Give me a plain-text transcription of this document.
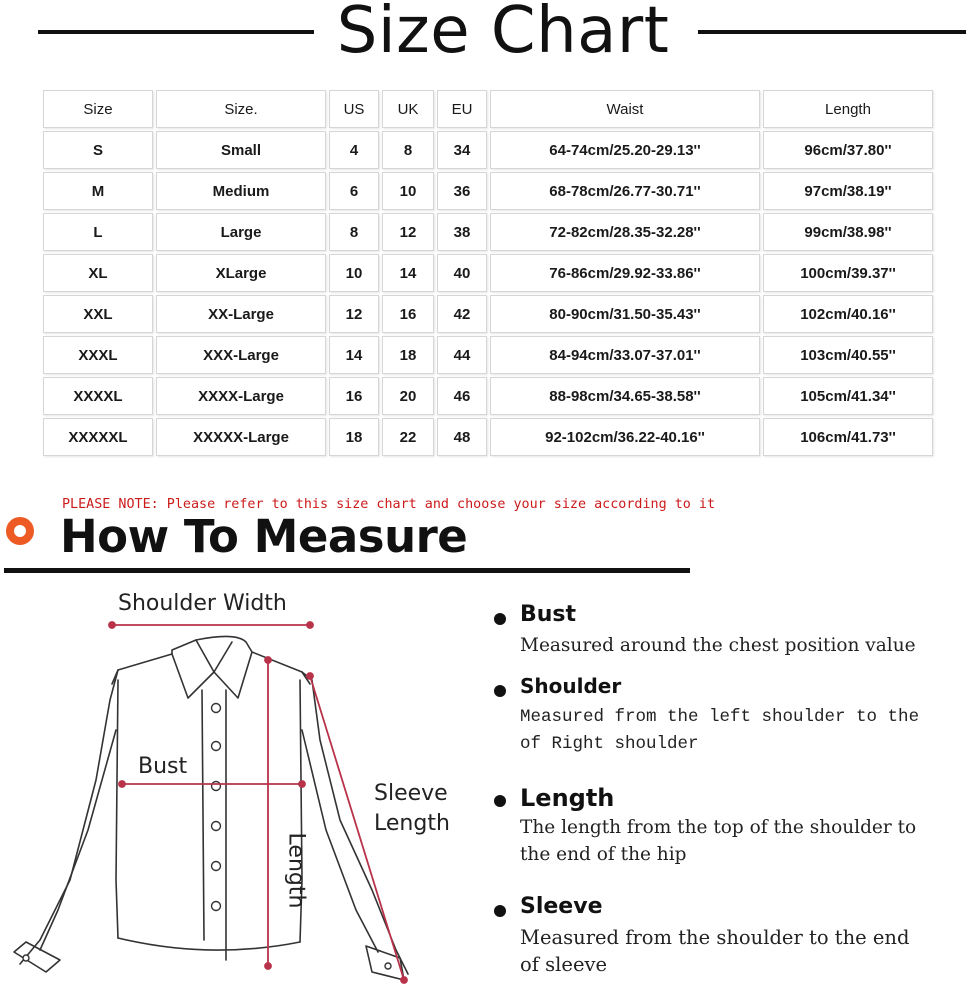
Size Chart
Size	Size.	US	UK	EU	Waist	Length
S	Small	4	8	34	64-74cm/25.20-29.13''	96cm/37.80''
M	Medium	6	10	36	68-78cm/26.77-30.71''	97cm/38.19''
L	Large	8	12	38	72-82cm/28.35-32.28''	99cm/38.98''
XL	XLarge	10	14	40	76-86cm/29.92-33.86''	100cm/39.37''
XXL	XX-Large	12	16	42	80-90cm/31.50-35.43''	102cm/40.16''
XXXL	XXX-Large	14	18	44	84-94cm/33.07-37.01''	103cm/40.55''
XXXXL	XXXX-Large	16	20	46	88-98cm/34.65-38.58''	105cm/41.34''
XXXXXL	XXXXX-Large	18	22	48	92-102cm/36.22-40.16''	106cm/41.73''
PLEASE NOTE: Please refer to this size chart and choose your size according to it
How To Measure
Shoulder Width
Bust
Sleeve
Length
Length
Bust
Measured around the chest position value
Shoulder
Measured from the left shoulder to the
of Right shoulder
Length
The length from the top of the shoulder to
the end of the hip
Sleeve
Measured from the shoulder to the end
of sleeve
